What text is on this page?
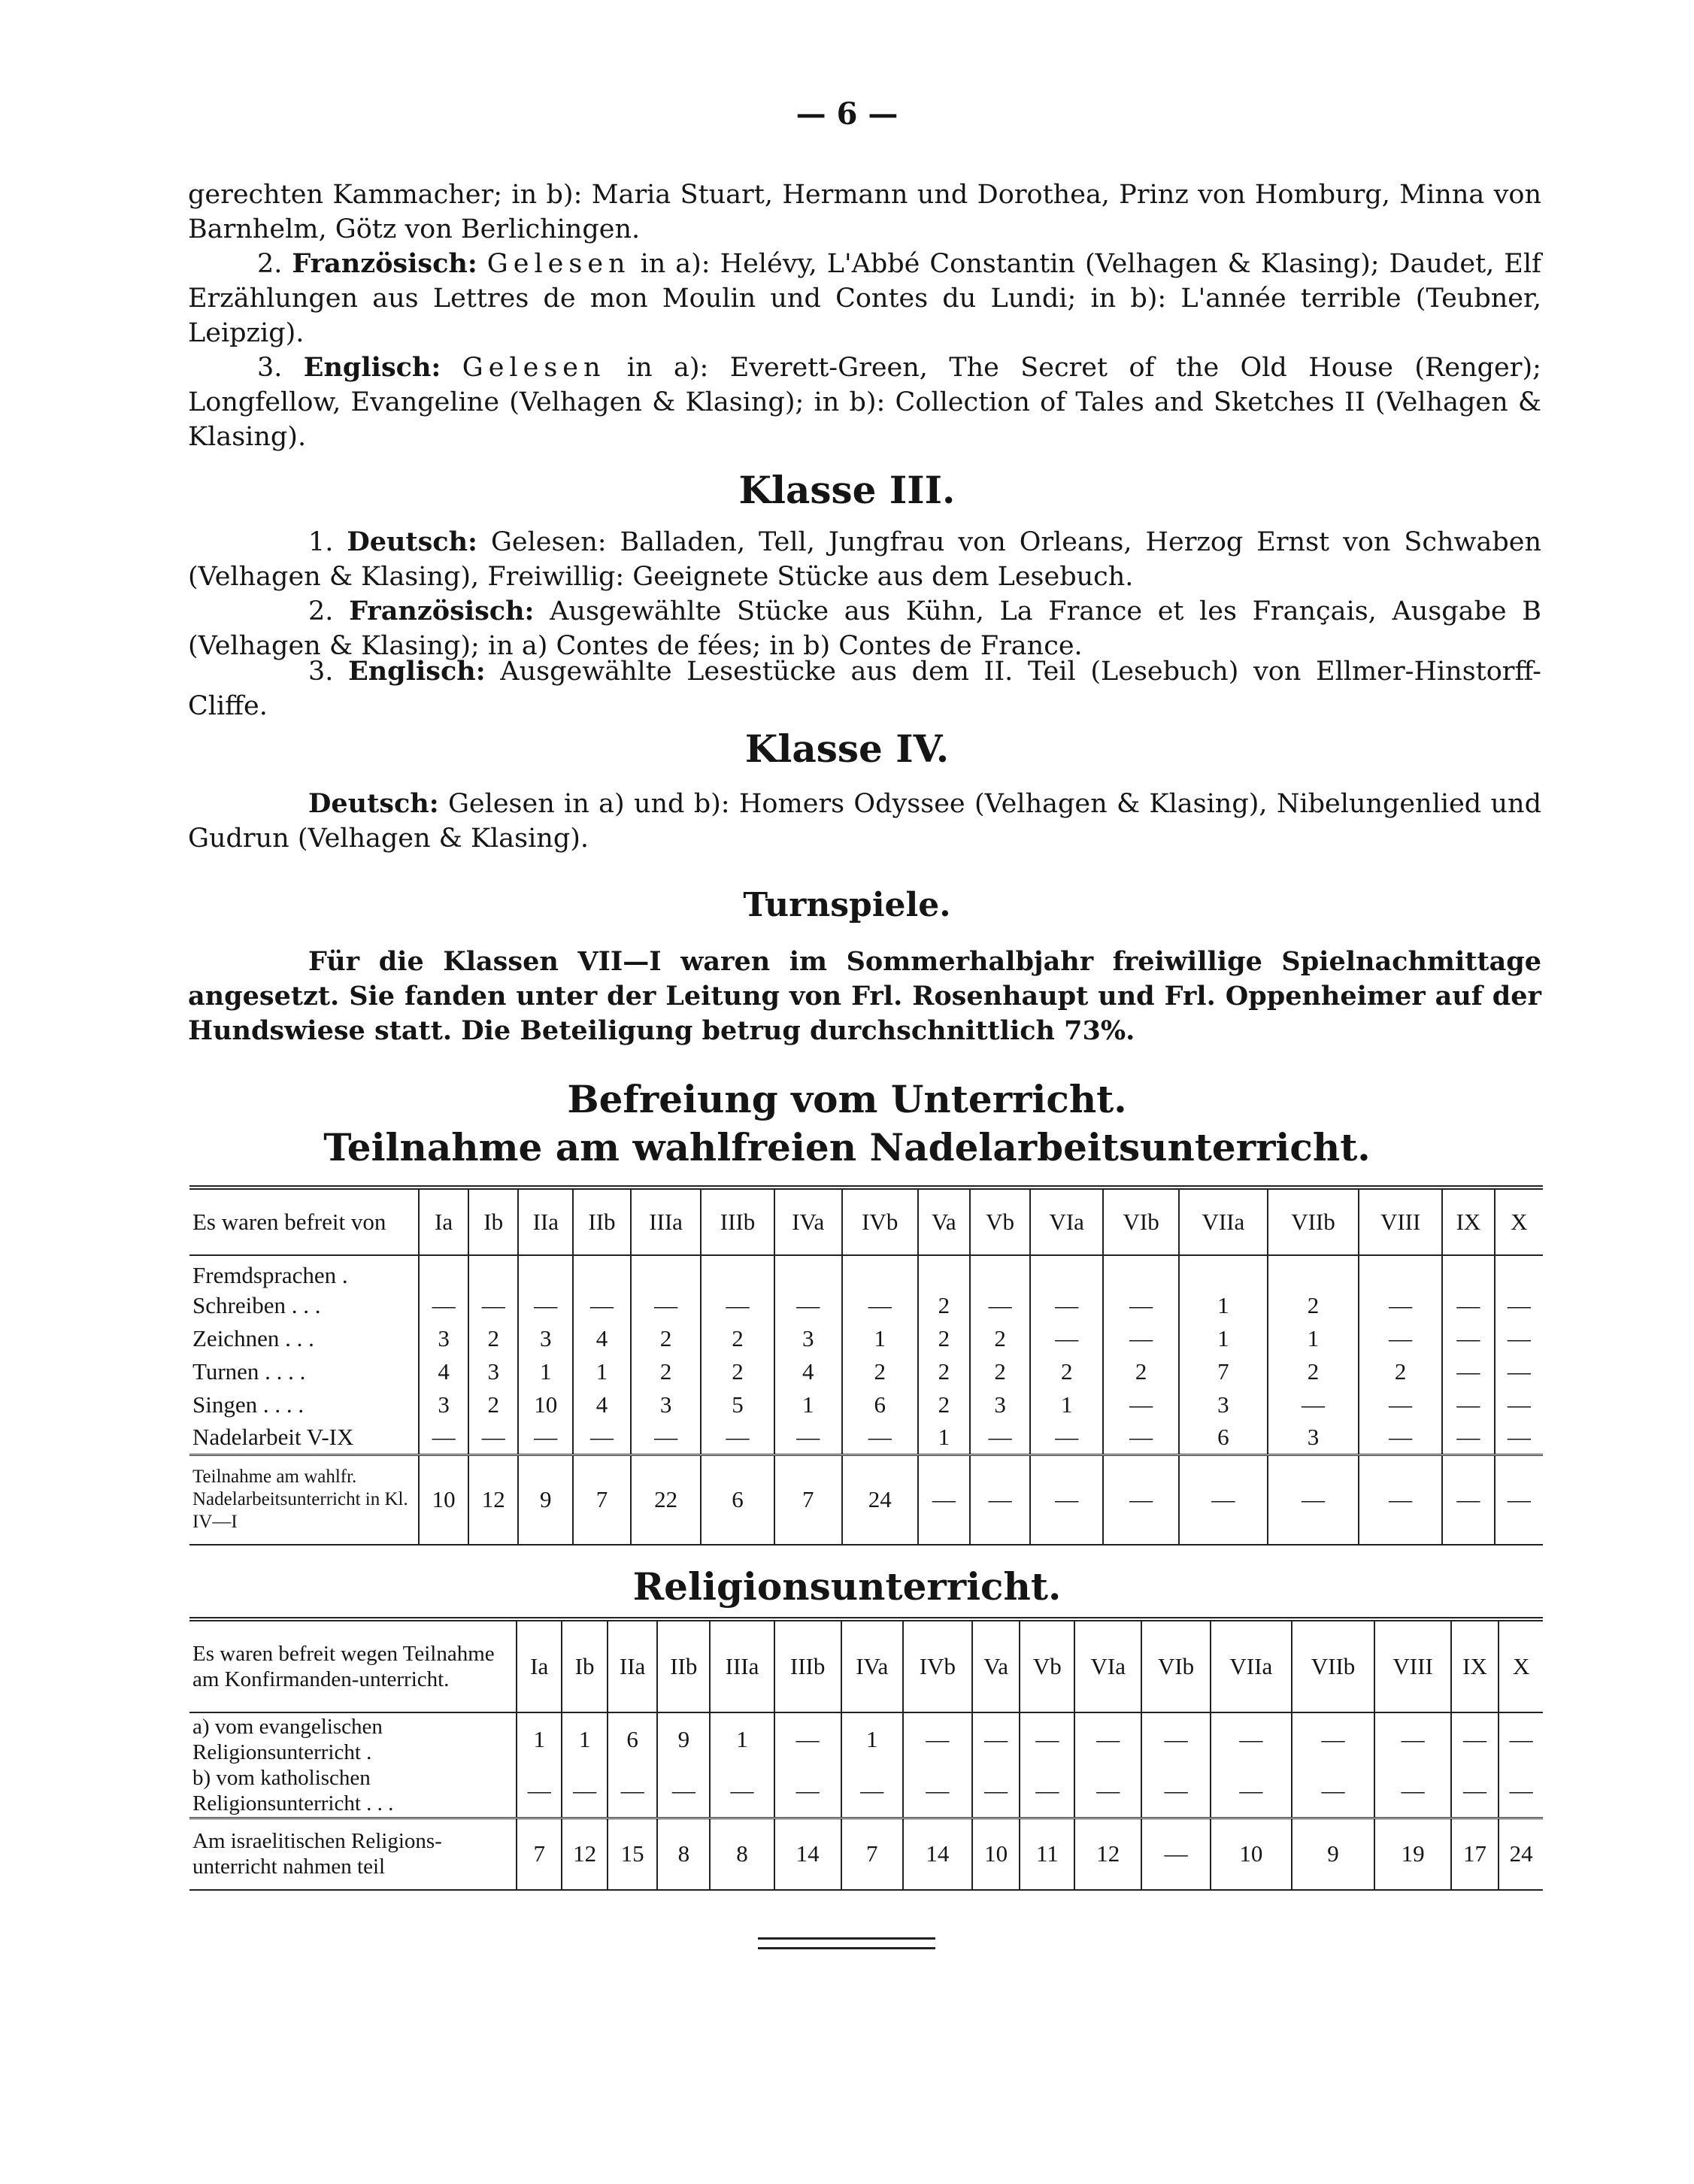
— 6 —
gerechten Kammacher; in b): Maria Stuart, Hermann und Dorothea, Prinz von Homburg, Minna von Barnhelm, Götz von Berlichingen.
2. Französisch: Gelesen in a): Helévy, L'Abbé Constantin (Velhagen & Klasing); Daudet, Elf Erzählungen aus Lettres de mon Moulin und Contes du Lundi; in b): L'année terrible (Teubner, Leipzig).
3. Englisch: Gelesen in a): Everett-Green, The Secret of the Old House (Renger); Longfellow, Evangeline (Velhagen & Klasing); in b): Collection of Tales and Sketches II (Velhagen & Klasing).
Klasse III.
1. Deutsch: Gelesen: Balladen, Tell, Jungfrau von Orleans, Herzog Ernst von Schwaben (Velhagen & Klasing), Freiwillig: Geeignete Stücke aus dem Lesebuch.
2. Französisch: Ausgewählte Stücke aus Kühn, La France et les Français, Ausgabe B (Velhagen & Klasing); in a) Contes de fées; in b) Contes de France.
3. Englisch: Ausgewählte Lesestücke aus dem II. Teil (Lesebuch) von Ellmer-Hinstorff-Cliffe.
Klasse IV.
Deutsch: Gelesen in a) und b): Homers Odyssee (Velhagen & Klasing), Nibelungenlied und Gudrun (Velhagen & Klasing).
Turnspiele.
Für die Klassen VII—I waren im Sommerhalbjahr freiwillige Spielnachmittage angesetzt. Sie fanden unter der Leitung von Frl. Rosenhaupt und Frl. Oppenheimer auf der Hundswiese statt. Die Beteiligung betrug durchschnittlich 73%.
Befreiung vom Unterricht.
Teilnahme am wahlfreien Nadelarbeitsunterricht.
Es waren befreit von	Ia	Ib	IIa	IIb	IIIa	IIIb	IVa	IVb	Va	Vb	VIa	VIb	VIIa	VIIb	VIII	IX	X
Fremdsprachen .																	
Schreiben . . .	—	—	—	—	—	—	—	—	2	—	—	—	1	2	—	—	—
Zeichnen . . .	3	2	3	4	2	2	3	1	2	2	—	—	1	1	—	—	—
Turnen . . . .	4	3	1	1	2	2	4	2	2	2	2	2	7	2	2	—	—
Singen . . . .	3	2	10	4	3	5	1	6	2	3	1	—	3	—	—	—	—
Nadelarbeit V-IX	—	—	—	—	—	—	—	—	1	—	—	—	6	3	—	—	—
Teilnahme am wahlfr. Nadelarbeitsunterricht in Kl. IV—I	10	12	9	7	22	6	7	24	—	—	—	—	—	—	—	—	—
Religionsunterricht.
Es waren befreit wegen Teilnahme am Konfirmanden-unterricht.	Ia	Ib	IIa	IIb	IIIa	IIIb	IVa	IVb	Va	Vb	VIa	VIb	VIIa	VIIb	VIII	IX	X
a) vom evangelischen Religionsunterricht .	1	1	6	9	1	—	1	—	—	—	—	—	—	—	—	—	—
b) vom katholischen Religionsunterricht . . .	—	—	—	—	—	—	—	—	—	—	—	—	—	—	—	—	—
Am israelitischen Religions-unterricht nahmen teil	7	12	15	8	8	14	7	14	10	11	12	—	10	9	19	17	24
